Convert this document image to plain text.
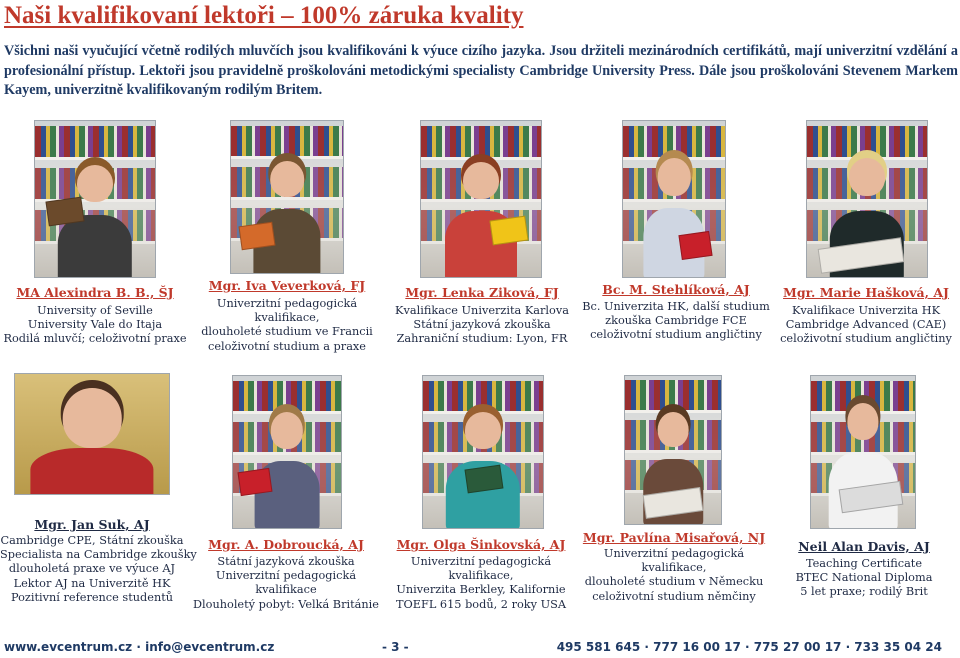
Naši kvalifikovaní lektoři – 100% záruka kvality
Všichni naši vyučující včetně rodilých mluvčích jsou kvalifikováni k výuce cizího jazyka. Jsou držiteli mezinárodních certifikátů, mají univerzitní vzdělání a profesionální přístup. Lektoři jsou pravidelně proškolováni metodickými specialisty Cambridge University Press. Dále jsou proškolováni Stevenem Markem Kayem, univerzitně kvalifikovaným rodilým Britem.
MA Alexindra B. B., ŠJ
University of Seville
University Vale do Itaja
Rodilá mluvčí; celoživotní praxe
Mgr. Iva Veverková, FJ
Univerzitní pedagogická
kvalifikace,
dlouholeté studium ve Francii
celoživotní studium a praxe
Mgr. Lenka Ziková, FJ
Kvalifikace Univerzita Karlova
Státní jazyková zkouška
Zahraniční studium: Lyon, FR
Bc. M. Stehlíková, AJ
Bc. Univerzita HK, další studium
zkouška Cambridge FCE
celoživotní studium angličtiny
Mgr. Marie Hašková, AJ
Kvalifikace Univerzita HK
Cambridge Advanced (CAE)
celoživotní studium angličtiny
Mgr. Jan Suk, AJ
Cambridge CPE, Státní zkouška
Specialista na Cambridge zkoušky
dlouholetá praxe ve výuce AJ
Lektor AJ na Univerzitě HK
Pozitivní reference studentů
Mgr. A. Dobroucká, AJ
Státní jazyková zkouška
Univerzitní pedagogická
kvalifikace
Dlouholetý pobyt: Velká Británie
Mgr. Olga Šinkovská, AJ
Univerzitní pedagogická
kvalifikace,
Univerzita Berkley, Kalifornie
TOEFL 615 bodů, 2 roky USA
Mgr. Pavlína Misařová, NJ
Univerzitní pedagogická
kvalifikace,
dlouholeté studium v Německu
celoživotní studium němčiny
Neil Alan Davis, AJ
Teaching Certificate
BTEC National Diploma
5 let praxe; rodilý Brit
www.evcentrum.cz · info@evcentrum.cz	- 3 -	495 581 645 · 777 16 00 17 · 775 27 00 17 · 733 35 04 24
